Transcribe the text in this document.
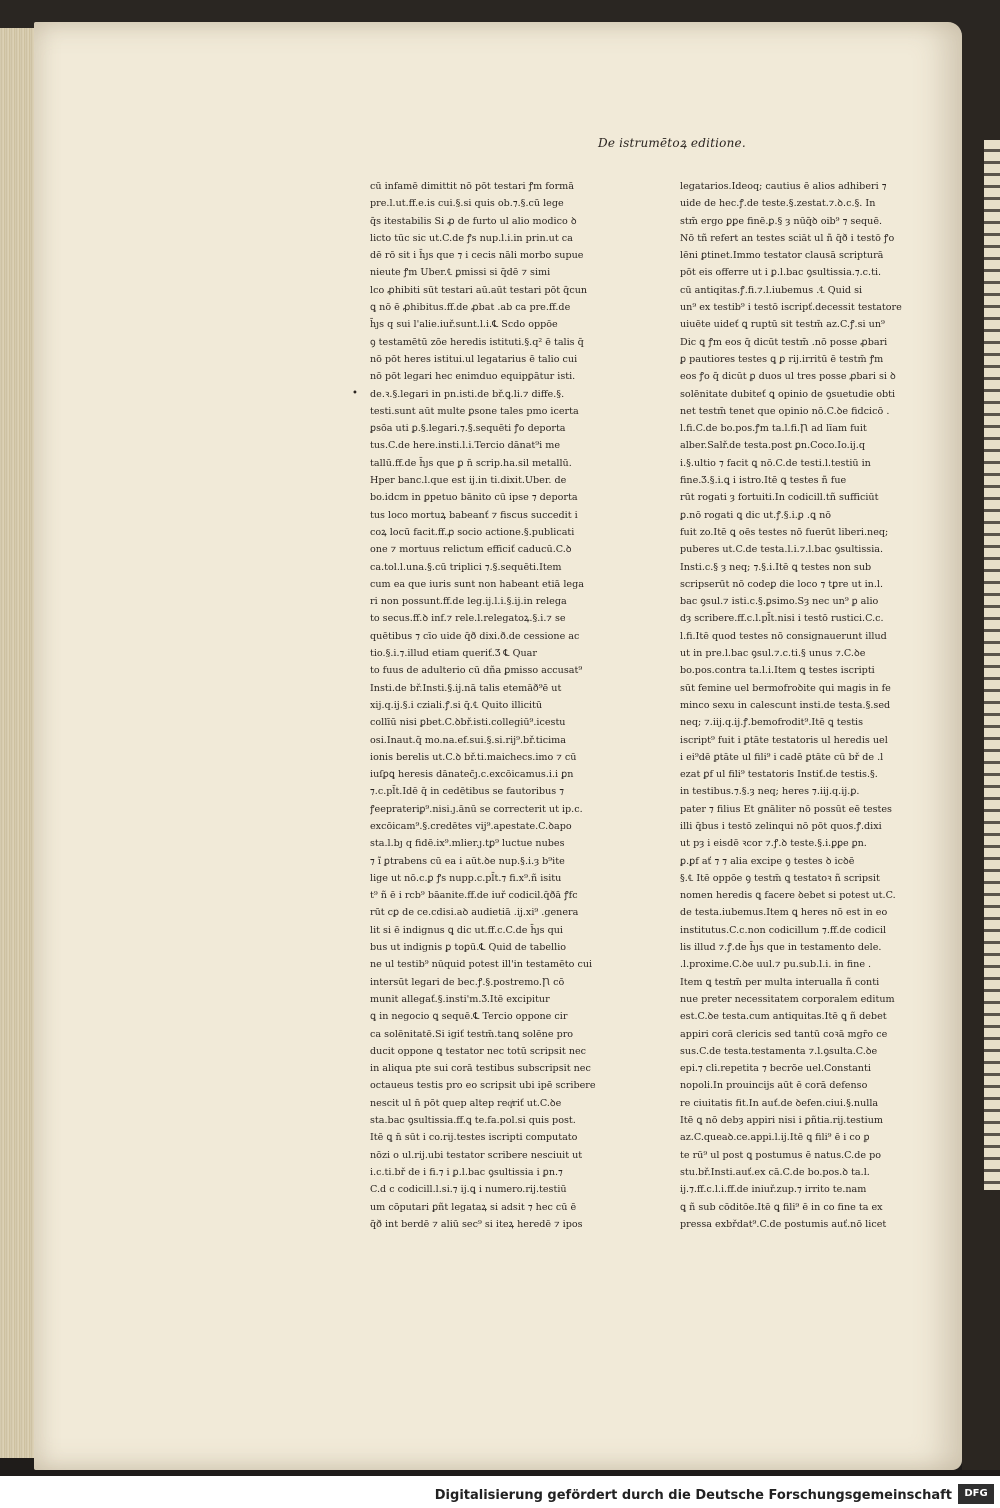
De istrumētoꝝ editione.
•
cū infamē dimittit nō pōt testari ꝭm formā
pre.l.ut.ff.e.is cui.§.si quis ob.⁊.§.cū lege
q̄s itestabilis Si ꝓ de furto ul alio modico ꝺ
licto tūc sic ut.C.de ꝭs nup.l.i.in prin.ut ca
dē rō sit i h̄ȷs que ⁊ i cecis nāli morbo supue
nieute ꝭm Uber.℄ ꝑmissi si q̄dē ⁊ simi
lco ꝓhibiti sūt testari aū.aūt testari pōt q̄cun
ꝗ nō ē ꝓhibitus.ff.de ꝓbat .ab ca pre.ff.de
h̄ȷs q sui l'alie.iuř.sunt.l.i.℄ Scdo oppōe
ꝯ testamētū zōe heredis istituti.§.q² ē talis q̄
nō pōt heres istitui.ul legatarius ē talio cui
nō pōt legari hec enimduo equipꝑātur isti.
de.ꝛ.§.legari in pn.isti.de bř.ꝗ.li.⁊ diffe.§.
testi.sunt aūt multe ꝑsone tales pmo icerta
ꝑsōa uti ꝑ.§.legari.⁊.§.sequēti ꝭo deporta
tus.C.de here.insti.l.i.Tercio dānat⁹i me
tallū.ff.de h̄ȷs que ꝑ n̄ scrip.ha.sil metallū.
Hper banc.l.que est ij.in ti.dixit.Uber. de
bo.idcm in ꝑpetuo bānito cū ipse ⁊ deporta
tus loco mortuꝝ babeanť ⁊ fiscus succedit i
coꝝ locū facit.ff.ꝓ socio actione.§.publicati
one ⁊ mortuus relictum efficiť caducū.C.ꝺ
ca.tol.l.una.§.cū triplici ⁊.§.sequēti.Item
cum ea que iuris sunt non habeant etiā lega
ri non possunt.ff.de leg.ij.l.i.§.ij.in relega
to secus.ff.ꝺ inf.⁊ rele.l.relegatoꝝ.§.i.⁊ se
quētibus ⁊ cīo uide q̄ð dixi.ð.de cessione ac
tio.§.i.⁊.illud etiam queriť.Ʒ ℄ Quar
to fuus de adulterio cū dña ꝑmisso accusat⁹
Insti.de bř.Insti.§.ij.nā talis etemāð⁹ē ut
xij.q.ij.§.i cziali.ꝭ.si q̄.℄ Quito illicitū
collīū nisi ꝑbet.C.ꝺbř.isti.collegiū⁹.icestu
osi.Inaut.q̄ mo.na.ef.sui.§.si.rij⁹.bř.ticima
ionis berelis ut.C.ꝺ bř.ti.maichecs.imo ⁊ cū
iuſꝑꝗ heresis dānatec̄ȷ.c.excōicamus.i.i ꝑn
⁊.c.pl̄t.Idē q̄ in cedētibus se fautoribus ⁊
ꝭeeprateriꝑ⁹.nisi.ȷ.ānū se correcterit ut ip.c.
excōicam⁹.§.credētes vij⁹.apestate.C.ꝺapo
sta.l.bȷ q fidē.ix⁹.mlier.ȷ.tꝑ⁹ luctue nubes
⁊ ĩ ꝑtrabens cū ea i aūt.ꝺe nup.§.i.ȝ b⁹ite
lige ut nō.c.ꝑ ꝭs nupp.c.pl̄t.⁊ fi.x⁹.ñ isitu
t⁹ ñ ē i rcb⁹ bāanite.ff.de iuř codicil.q̄ðā ꝭfc
rūt cꝑ de ce.cdisi.aꝺ audietiā .ij.xi⁹ .genera
lit si ē indignus ꝗ dic ut.ff.c.C.de h̄ȷs qui
bus ut indignis ꝑ toꝑū.℄ Quid de tabellio
ne ul testib⁹ nūquid potest ill'in testamēto cui
intersūt legari de bec.ꝭ.§.postremo.Ꞃ cō
munit allegať.§.insti'm.Ʒ.Itē excipitur
ꝗ in negocio ꝗ sequē.℄ Tercio oppone cir
ca solēnitatē.Si igiť testm̄.tanꝗ solēne pro
ducit oppone ꝗ testator nec totū scripsit nec
in aliqua pte sui corā testibus subscripsit nec
octaueus testis pro eo scripsit ubi ipē scribere
nescit ul n̄ pōt quep altep reqͥriť ut.C.ꝺe
sta.bac ꝯsultissia.ff.ꝗ te.fa.pol.si quis post.
Itē ꝗ n̄ sūt i co.rij.testes iscripti computato
nōzi o ul.rij.ubi testator scribere nesciuit ut
i.c.ti.bř de i fi.⁊ i ꝑ.l.bac ꝯsultissia i ꝑn.⁊
C.d c codicill.l.si.⁊ ij.ꝗ i numero.rij.testiū
um cōputari ꝑñt legataꝝ si adsit ⁊ hec cū ē
q̄ð int berdē ⁊ aliū sec⁹ si iteꝝ heredē ⁊ ipos
legatarios.Ideoq; cautius ē alios adhiberi ⁊
uide de hec.ꝭ.de teste.§.zestat.⁊.ꝺ.c.§. In
stm̄ ergo ꝑꝑe finē.ꝑ.§ ȝ nūq̄ꝺ oib⁹ ⁊ sequē.
Nō tñ refert an testes sciāt ul ñ q̄ð i testō ꝭo
lēni ꝑtinet.Immo testator clausā scripturā
pōt eis offerre ut i ꝑ.l.bac ꝯsultissia.⁊.c.ti.
cū antiqitas.ꝭ.fi.⁊.l.iubemus .℄ Quid si
un⁹ ex testib⁹ i testō iscripť.decessit testatore
uiuēte uideť ꝗ ruptū sit testm̄ az.C.ꝭ.si un⁹
Dic ꝗ ꝭm eos q̄ dicūt testm̄ .nō posse ꝓbari
ꝑ pautiores testes ꝗ ꝑ rij.irritū ē testm̄ ꝭm
eos ꝭo q̄ dicūt ꝑ duos ul tres posse ꝓbari si ꝺ
solēnitate dubiteť ꝗ opinio de ꝯsuetudie obti
net testm̄ tenet que opinio nō.C.ꝺe fidcicō .
l.fi.C.de bo.pos.ꝭm ta.l.fi.Ꞃ ad līam fuit
alber.Salř.de testa.post ꝑn.Coco.Io.ij.q
i.§.ultio ⁊ facit ꝗ nō.C.de testi.l.testiū in
fine.Ʒ.§.i.ꝗ i istro.Itē ꝗ testes ñ fue
rūt rogati ȝ fortuiti.In codicill.tñ sufficiūt
ꝑ.nō rogati ꝗ dic ut.ꝭ.§.i.ꝑ .ꝗ nō
fuit zo.Itē ꝗ oēs testes nō fuerūt liberi.neq;
puberes ut.C.de testa.l.i.⁊.l.bac ꝯsultissia.
Insti.c.§ ȝ neq; ⁊.§.i.Itē ꝗ testes non sub
scripserūt nō codeꝑ die loco ⁊ tꝑre ut in.l.
bac ꝯsul.⁊ isti.c.§.ꝑsimo.Sȝ nec un⁹ ꝑ alio
dȝ scribere.ff.c.l.pl̄t.nisi i testō rustici.C.c.
l.fi.Itē quod testes nō consignauerunt illud
ut in pre.l.bac ꝯsul.⁊.c.ti.§ unus ⁊.C.ꝺe
bo.pos.contra ta.l.i.Item ꝗ testes iscripti
sūt femine uel bermofroꝺite qui magis in fe
minco sexu in calescunt insti.de testa.§.sed
neq; ⁊.iij.q.ij.ꝭ.bemofrodit⁹.Itē ꝗ testis
iscript⁹ fuit i ꝑtāte testatoris ul heredis uel
i ei⁹dē ꝑtāte ul fili⁹ i cadē ꝑtāte cū bř de .l
ezat ꝑf ul fili⁹ testatoris Instiť.de testis.§.
in testibus.⁊.§.ȝ neq; heres ⁊.iij.q.ij.ꝑ.
pater ⁊ filius Et gnāliter nō possūt eē testes
illi q̄bus i testō zelinqui nō pōt quos.ꝭ.dixi
ut pȝ i eisdē ꝛcor ⁊.ꝭ.ꝺ teste.§.i.ꝑꝑe ꝑn.
ꝑ.ꝑf ať ⁊ ⁊ alia excipe ꝯ testes ꝺ icꝺē
§.℄ Itē oppōe ꝯ testm̄ ꝗ testatoꝛ ñ scripsit
nomen heredis ꝗ facere ꝺebet si potest ut.C.
de testa.iubemus.Item ꝗ heres nō est in eo
institutus.C.c.non codicillum ⁊.ff.de codicil
lis illud ⁊.ꝭ.de h̄ȷs que in testamento dele.
.l.proxime.C.ꝺe uul.⁊ pu.sub.l.i. in fine .
Item ꝗ testm̄ per multa interualla ñ conti
nue preter necessitatem corporalem editum
est.C.ꝺe testa.cum antiquitas.Itē ꝗ ñ debet
appiri corā clericis sed tantū coꝛā mgr̄o ce
sus.C.de testa.testamenta ⁊.l.ꝯsulta.C.ꝺe
epi.⁊ cli.repetita ⁊ becrōe uel.Constanti
nopoli.In prouincijs aūt ē corā defenso
re ciuitatis fit.In auť.de ꝺefen.ciui.§.nulla
Itē ꝗ nō debȝ appiri nisi i ꝑñtia.rij.testium
az.C.queaꝺ.ce.appi.l.ij.Itē ꝗ fili⁹ ē i co ꝑ
te rū⁹ ul post ꝗ postumus ē natus.C.de po
stu.bř.Insti.auť.ex cā.C.de bo.pos.ꝺ ta.l.
ij.⁊.ff.c.l.i.ff.de iniuř.zup.⁊ irrito te.nam
ꝗ ñ sub cōditōe.Itē ꝗ fili⁹ ē in co fine ta ex
pressa exbřdat⁹.C.de postumis auť.nō licet
Digitalisierung gefördert durch die Deutsche Forschungsgemeinschaft	DFG
